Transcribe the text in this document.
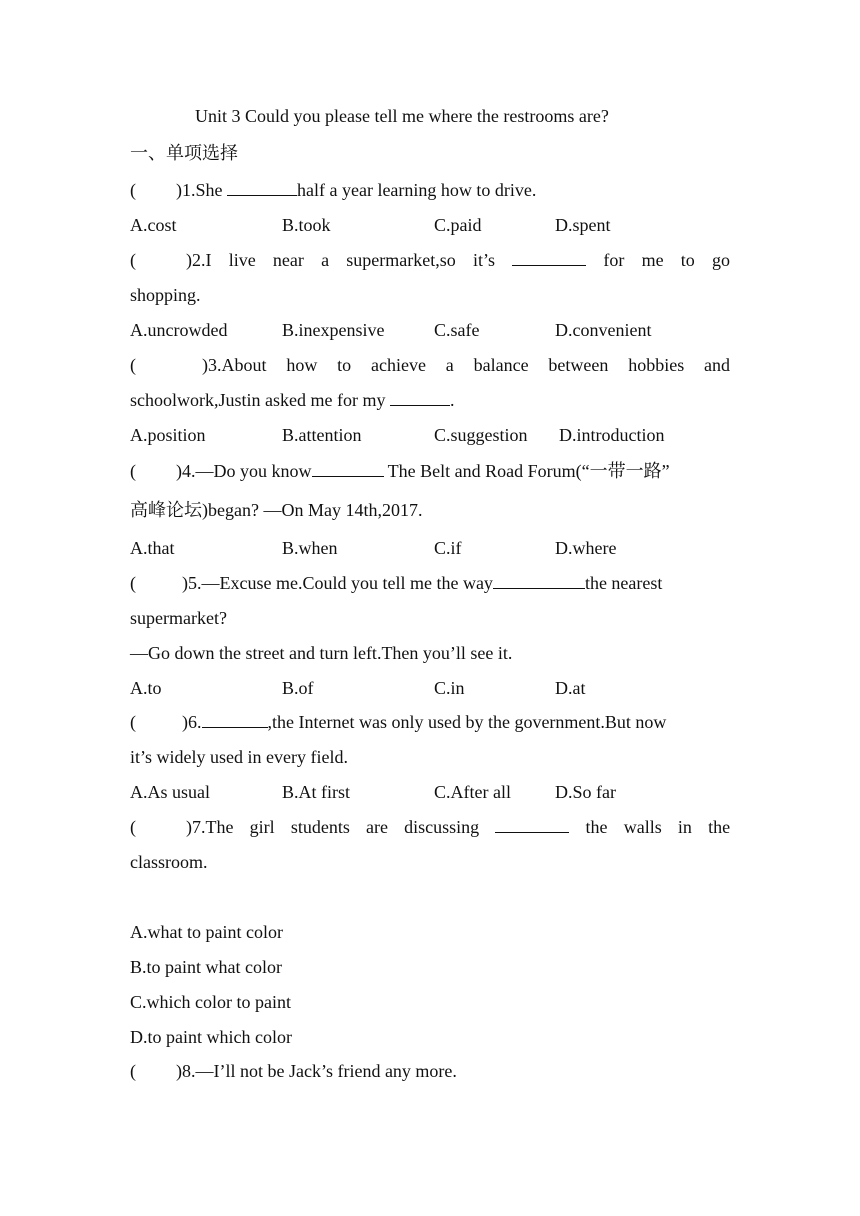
Unit 3 Could you please tell me where the restrooms are?
一、单项选择
( )1.She	half a year learning how to drive.
A.cost	B.took	C.paid	D.spent
(	)2.I live near a supermarket,so it’s	for me to go
shopping.
A.uncrowded	B.inexpensive	C.safe	D.convenient
(	)3.About how to achieve a balance between hobbies and
schoolwork,Justin asked me for my	.
A.position	B.attention	C.suggestion D.introduction
( )4.—Do you know	The Belt and Road Forum(“一带一路”
高峰论坛)began? —On May 14th,2017.
A.that	B.when	C.if	D.where
(	)5.—Excuse me.Could you tell me the way	the nearest
supermarket?
—Go down the street and turn left.Then you’ll see it.
A.to	B.of	C.in	D.at
(	)6.	,the Internet was only used by the government.But now
it’s widely used in every field.
A.As usual	B.At first	C.After all D.So far
(	)7.The girl students are discussing	the walls in the
classroom.
A.what to paint color
B.to paint what color
C.which color to paint
D.to paint which color
( )8.—I’ll not be Jack’s friend any more.
